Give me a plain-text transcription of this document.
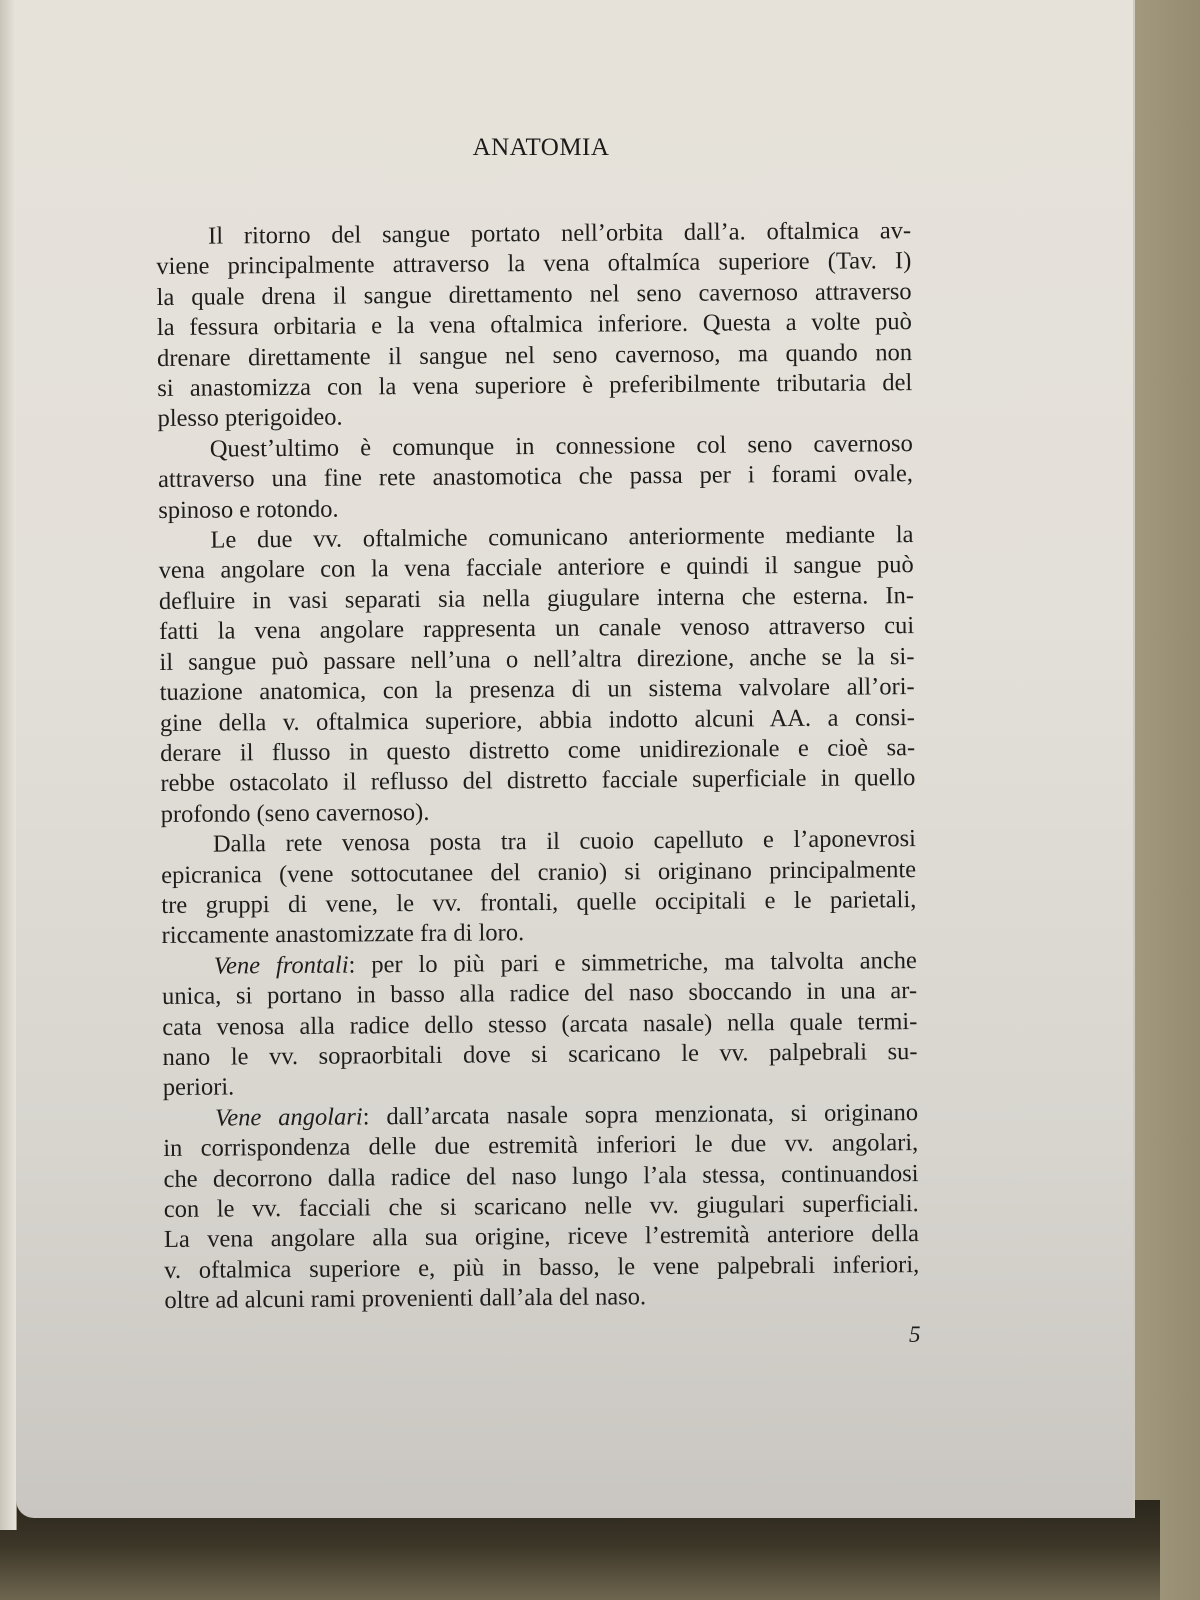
ANATOMIA

Il ritorno del sangue portato nell’orbita dall’a. oftalmica av-
viene principalmente attraverso la vena oftalmíca superiore (Tav. I)
la quale drena il sangue direttamento nel seno cavernoso attraverso
la fessura orbitaria e la vena oftalmica inferiore. Questa a volte può
drenare direttamente il sangue nel seno cavernoso, ma quando non
si anastomizza con la vena superiore è preferibilmente tributaria del
plesso pterigoideo.

Quest’ultimo è comunque in connessione col seno cavernoso
attraverso una fine rete anastomotica che passa per i forami ovale,
spinoso e rotondo.

Le due vv. oftalmiche comunicano anteriormente mediante la
vena angolare con la vena facciale anteriore e quindi il sangue può
defluire in vasi separati sia nella giugulare interna che esterna. In-
fatti la vena angolare rappresenta un canale venoso attraverso cui
il sangue può passare nell’una o nell’altra direzione, anche se la si-
tuazione anatomica, con la presenza di un sistema valvolare all’ori-
gine della v. oftalmica superiore, abbia indotto alcuni AA. a consi-
derare il flusso in questo distretto come unidirezionale e cioè sa-
rebbe ostacolato il reflusso del distretto facciale superficiale in quello
profondo (seno cavernoso).

Dalla rete venosa posta tra il cuoio capelluto e l’aponevrosi
epicranica (vene sottocutanee del cranio) si originano principalmente
tre gruppi di vene, le vv. frontali, quelle occipitali e le parietali,
riccamente anastomizzate fra di loro.

Vene frontali: per lo più pari e simmetriche, ma talvolta anche
unica, si portano in basso alla radice del naso sboccando in una ar-
cata venosa alla radice dello stesso (arcata nasale) nella quale termi-
nano le vv. sopraorbitali dove si scaricano le vv. palpebrali su-
periori.

Vene angolari: dall’arcata nasale sopra menzionata, si originano
in corrispondenza delle due estremità inferiori le due vv. angolari,
che decorrono dalla radice del naso lungo l’ala stessa, continuandosi
con le vv. facciali che si scaricano nelle vv. giugulari superficiali.
La vena angolare alla sua origine, riceve l’estremità anteriore della
v. oftalmica superiore e, più in basso, le vene palpebrali inferiori,
oltre ad alcuni rami provenienti dall’ala del naso.

5
